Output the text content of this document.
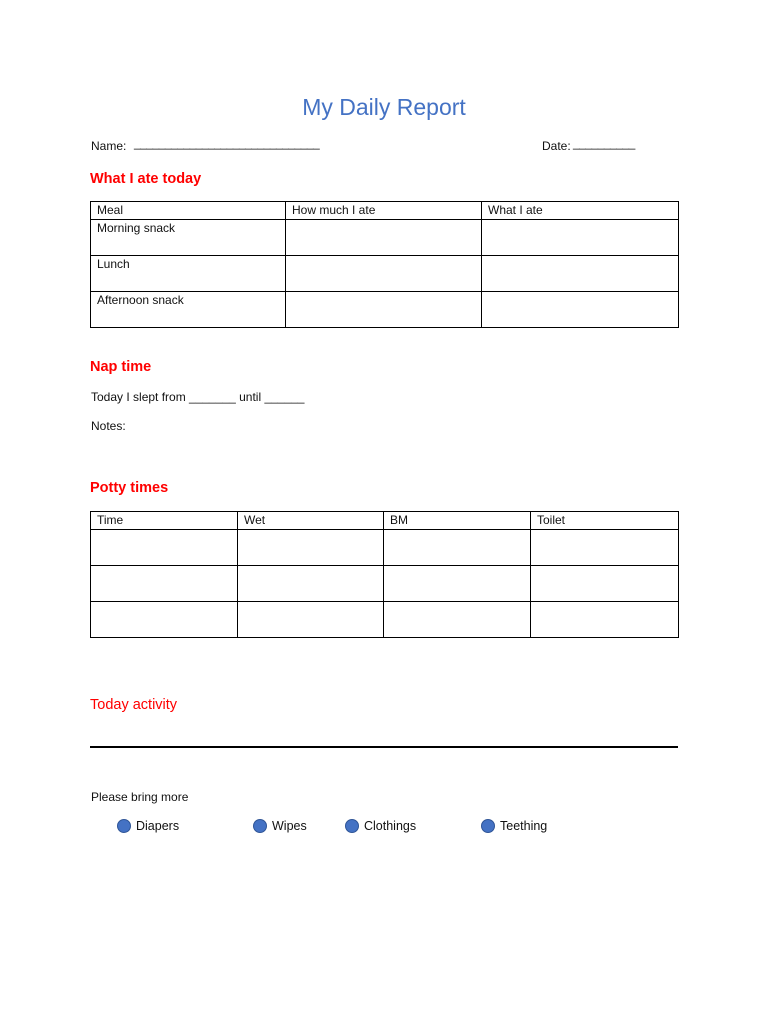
My Daily Report
Name: ______________________________	Date: __________
What I ate today
Meal	How much I ate	What I ate
Morning snack		
Lunch		
Afternoon snack		
Nap time
Today I slept from _______ until ______
Notes:
Potty times
Time	Wet	BM	Toilet

Today activity
Please bring more
Diapers	Wipes	Clothings	Teething
